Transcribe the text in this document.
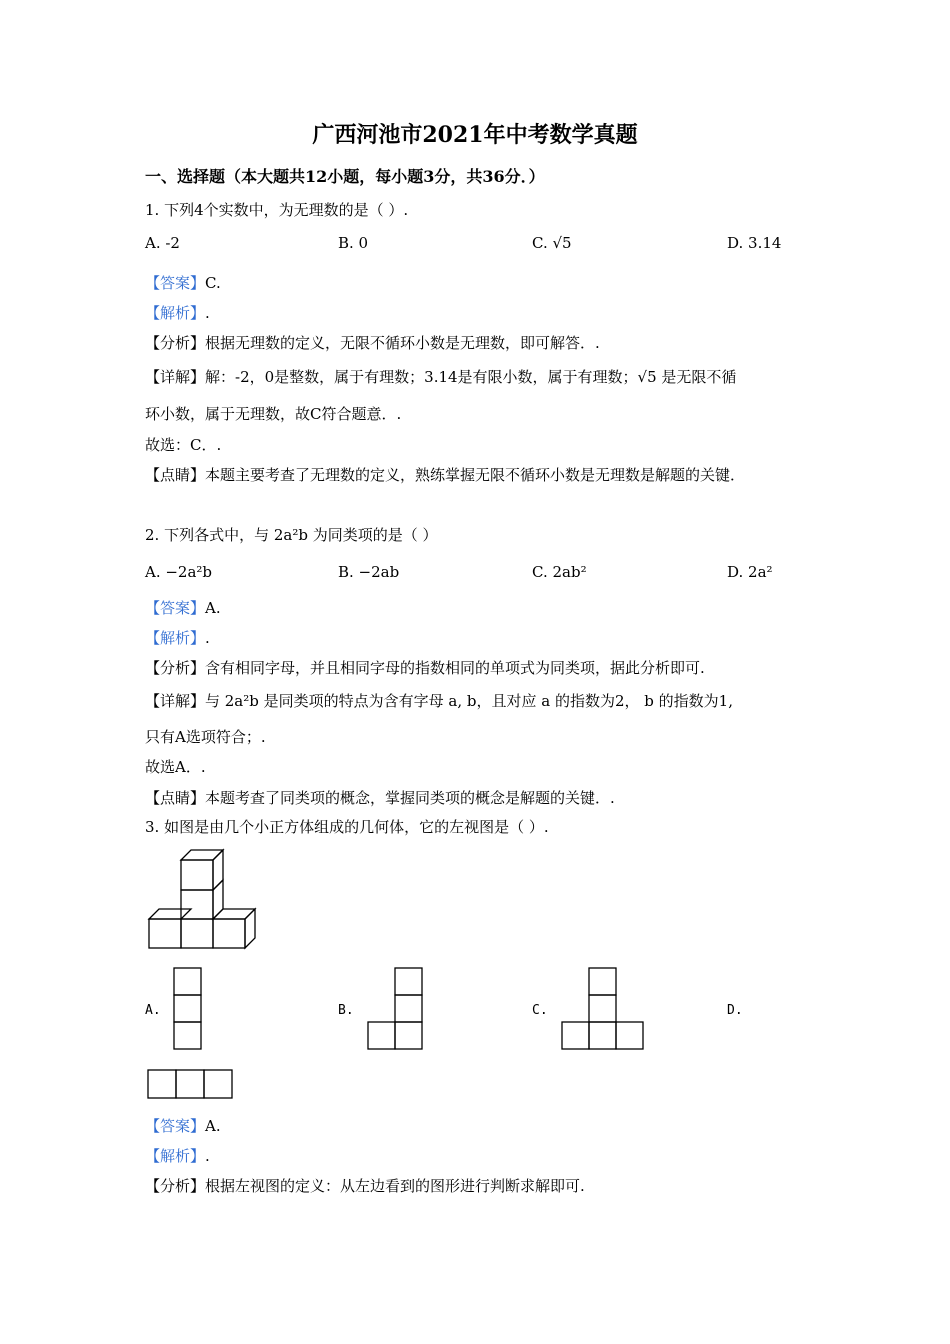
广西河池市2021年中考数学真题
一、选择题（本大题共12小题，每小题3分，共36分．）
1. 下列4个实数中，为无理数的是（ ）.
A. -2	B. 0	C. √5	D. 3.14
【答案】C.
【解析】.
【分析】根据无理数的定义，无限不循环小数是无理数，即可解答．.
【详解】解：-2，0是整数，属于有理数；3.14是有限小数，属于有理数；√5 是无限不循
环小数，属于无理数，故C符合题意．.
故选：C．.
【点睛】本题主要考查了无理数的定义，熟练掌握无限不循环小数是无理数是解题的关键．
2. 下列各式中，与 2a²b 为同类项的是（ ）
A. −2a²b	B. −2ab	C. 2ab²	D. 2a²
【答案】A.
【解析】.
【分析】含有相同字母，并且相同字母的指数相同的单项式为同类项，据此分析即可.
【详解】与 2a²b 是同类项的特点为含有字母 a, b，且对应 a 的指数为2， b 的指数为1,
只有A选项符合；.
故选A．.
【点睛】本题考查了同类项的概念，掌握同类项的概念是解题的关键．.
3. 如图是由几个小正方体组成的几何体，它的左视图是（ ）.
A.	B.	C.	D.
【答案】A.
【解析】.
【分析】根据左视图的定义：从左边看到的图形进行判断求解即可.
